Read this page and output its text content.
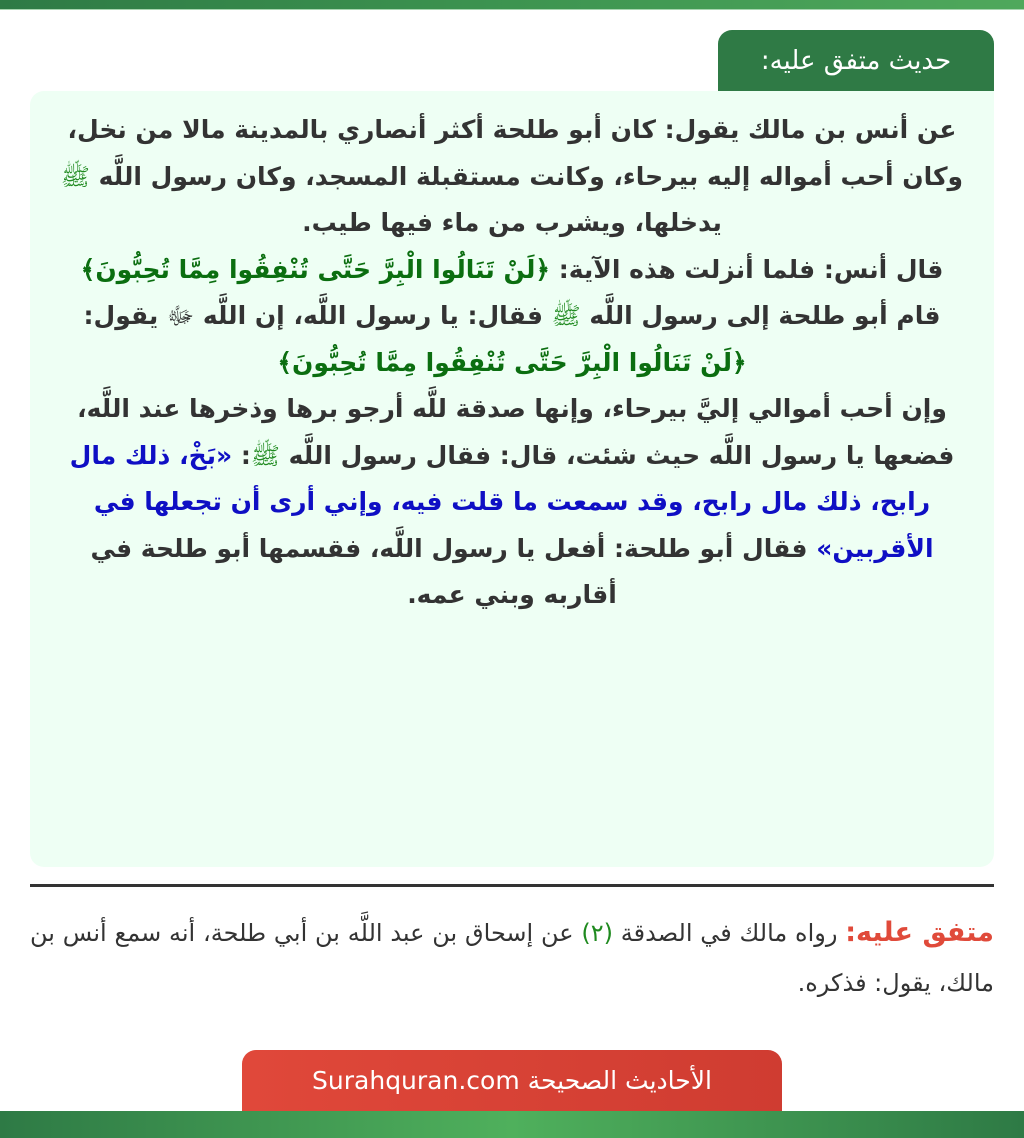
حديث متفق عليه:

عن أنس بن مالك يقول: كان أبو طلحة أكثر أنصاري بالمدينة مالا من نخل، وكان أحب أمواله إليه بيرحاء، وكانت مستقبلة المسجد، وكان رسول اللَّه ﷺ يدخلها، ويشرب من ماء فيها طيب.

قال أنس: فلما أنزلت هذه الآية: ﴿لَنْ تَنَالُوا الْبِرَّ حَتَّى تُنْفِقُوا مِمَّا تُحِبُّونَ﴾ قام أبو طلحة إلى رسول اللَّه ﷺ فقال: يا رسول اللَّه، إن اللَّه ﷻ يقول: ﴿لَنْ تَنَالُوا الْبِرَّ حَتَّى تُنْفِقُوا مِمَّا تُحِبُّونَ﴾

وإن أحب أموالي إليَّ بيرحاء، وإنها صدقة للَّه أرجو برها وذخرها عند اللَّه، فضعها يا رسول اللَّه حيث شئت، قال: فقال رسول اللَّه ﷺ: «بَخْ، ذلك مال رابح، ذلك مال رابح، وقد سمعت ما قلت فيه، وإني أرى أن تجعلها في الأقربين» فقال أبو طلحة: أفعل يا رسول اللَّه، فقسمها أبو طلحة في أقاربه وبني عمه.

متفق عليه: رواه مالك في الصدقة (٢) عن إسحاق بن عبد اللَّه بن أبي طلحة، أنه سمع أنس بن مالك، يقول: فذكره.
الأحاديث الصحيحة Surahquran.com
